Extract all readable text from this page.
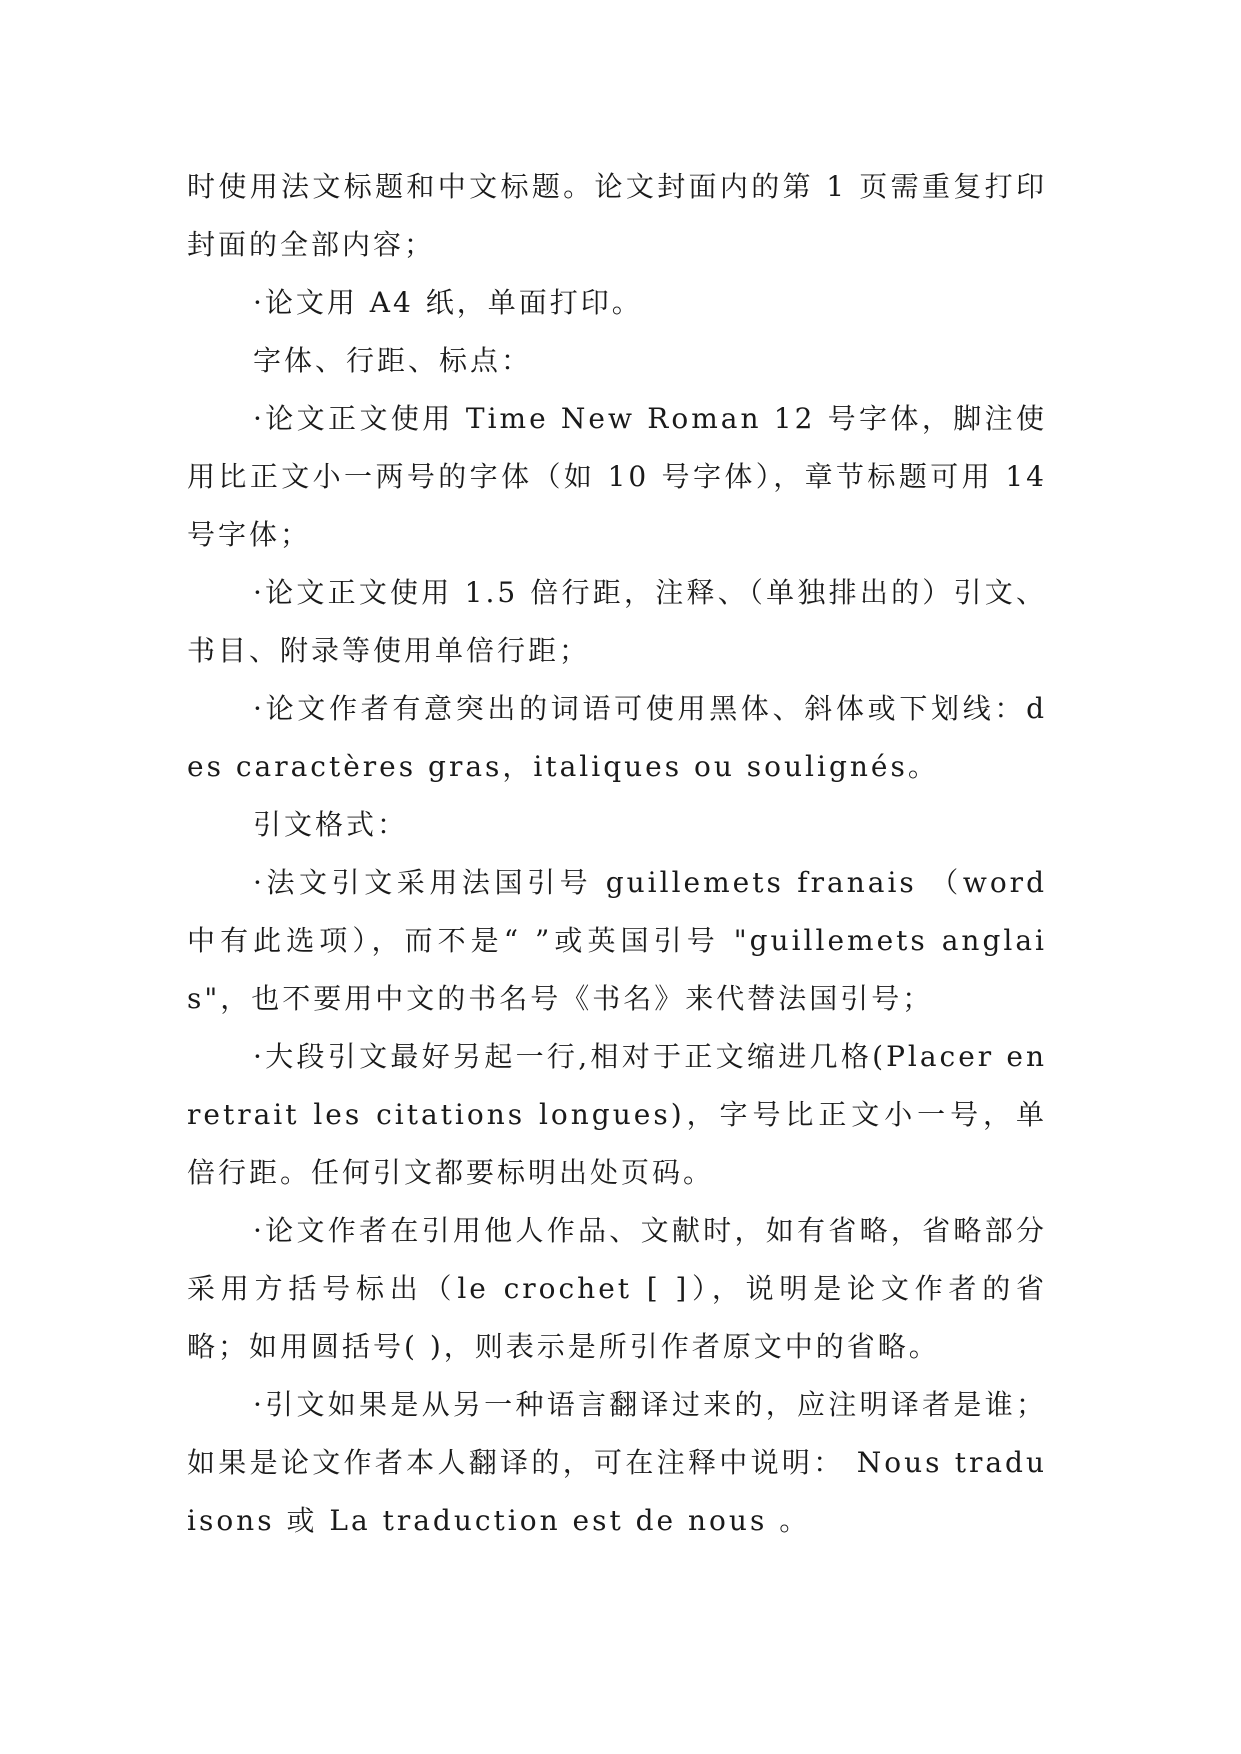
时使用法文标题和中文标题。论文封面内的第 1 页需重复打印封面的全部内容；

·论文用 A4 纸，单面打印。

字体、行距、标点：

·论文正文使用 Time New Roman 12 号字体，脚注使用比正文小一两号的字体（如 10 号字体），章节标题可用 14 号字体；

·论文正文使用 1.5 倍行距，注释、（单独排出的）引文、书目、附录等使用单倍行距；

·论文作者有意突出的词语可使用黑体、斜体或下划线：des caractères gras，italiques ou soulignés。

引文格式：

·法文引文采用法国引号 guillemets franais （word 中有此选项），而不是“ ”或英国引号 "guillemets anglais"，也不要用中文的书名号《书名》来代替法国引号；

·大段引文最好另起一行,相对于正文缩进几格(Placer en retrait les citations longues)，字号比正文小一号，单倍行距。任何引文都要标明出处页码。

·论文作者在引用他人作品、文献时，如有省略，省略部分采用方括号标出（le crochet [ ]），说明是论文作者的省略；如用圆括号( )，则表示是所引作者原文中的省略。

·引文如果是从另一种语言翻译过来的，应注明译者是谁；如果是论文作者本人翻译的，可在注释中说明： Nous traduisons 或 La traduction est de nous 。
